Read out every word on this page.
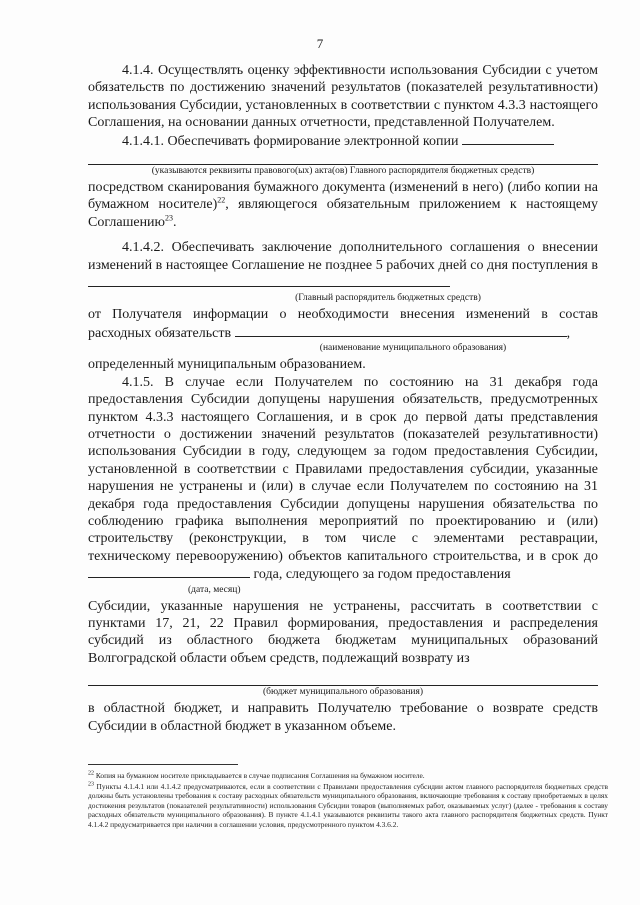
7

4.1.4. Осуществлять оценку эффективности использования Субсидии с учетом обязательств по достижению значений результатов (показателей результативности) использования Субсидии, установленных в соответствии с пунктом 4.3.3 настоящего Соглашения, на основании данных отчетности, представленной Получателем.

4.1.4.1. Обеспечивать формирование электронной копии

(указываются реквизиты правового(ых) акта(ов) Главного распорядителя бюджетных средств)

посредством сканирования бумажного документа (изменений в него) (либо копии на бумажном носителе)$^{22}$, являющегося обязательным приложением к настоящему Соглашению$^{23}$.

4.1.4.2. Обеспечивать заключение дополнительного соглашения о внесении изменений в настоящее Соглашение не позднее 5 рабочих дней со дня поступления в

(Главный распорядитель бюджетных средств)

от Получателя информации о необходимости внесения изменений в состав расходных обязательств	,

(наименование муниципального образования)

определенный муниципальным образованием.

4.1.5. В случае если Получателем по состоянию на 31 декабря года предоставления Субсидии допущены нарушения обязательств, предусмотренных пунктом 4.3.3 настоящего Соглашения, и в срок до первой даты представления отчетности о достижении значений результатов (показателей результативности) использования Субсидии в году, следующем за годом предоставления Субсидии, установленной в соответствии с Правилами предоставления субсидии, указанные нарушения не устранены и (или) в случае если Получателем по состоянию на 31 декабря года предоставления Субсидии допущены нарушения обязательства по соблюдению графика выполнения мероприятий по проектированию и (или) строительству (реконструкции, в том числе с элементами реставрации, техническому перевооружению) объектов капитального строительства, и в срок до  года, следующего за годом предоставления

(дата, месяц)

Субсидии, указанные нарушения не устранены, рассчитать в соответствии с пунктами 17, 21, 22 Правил формирования, предоставления и распределения субсидий из областного бюджета бюджетам муниципальных образований Волгоградской области объем средств, подлежащий возврату из

(бюджет муниципального образования)

в областной бюджет, и направить Получателю требование о возврате средств Субсидии в областной бюджет в указанном объеме.

$^{22}$ Копия на бумажном носителе прикладывается в случае подписания Соглашения на бумажном носителе.

$^{23}$ Пункты 4.1.4.1 или 4.1.4.2 предусматриваются, если в соответствии с Правилами предоставления субсидии актом главного распорядителя бюджетных средств должны быть установлены требования к составу расходных обязательств муниципального образования, включающие требования к составу приобретаемых в целях достижения результатов (показателей результативности) использования Субсидии товаров (выполняемых работ, оказываемых услуг) (далее - требования к составу расходных обязательств муниципального образования). В пункте 4.1.4.1 указываются реквизиты такого акта главного распорядителя бюджетных средств. Пункт 4.1.4.2 предусматривается при наличии в соглашении условия, предусмотренного пунктом 4.3.6.2.
